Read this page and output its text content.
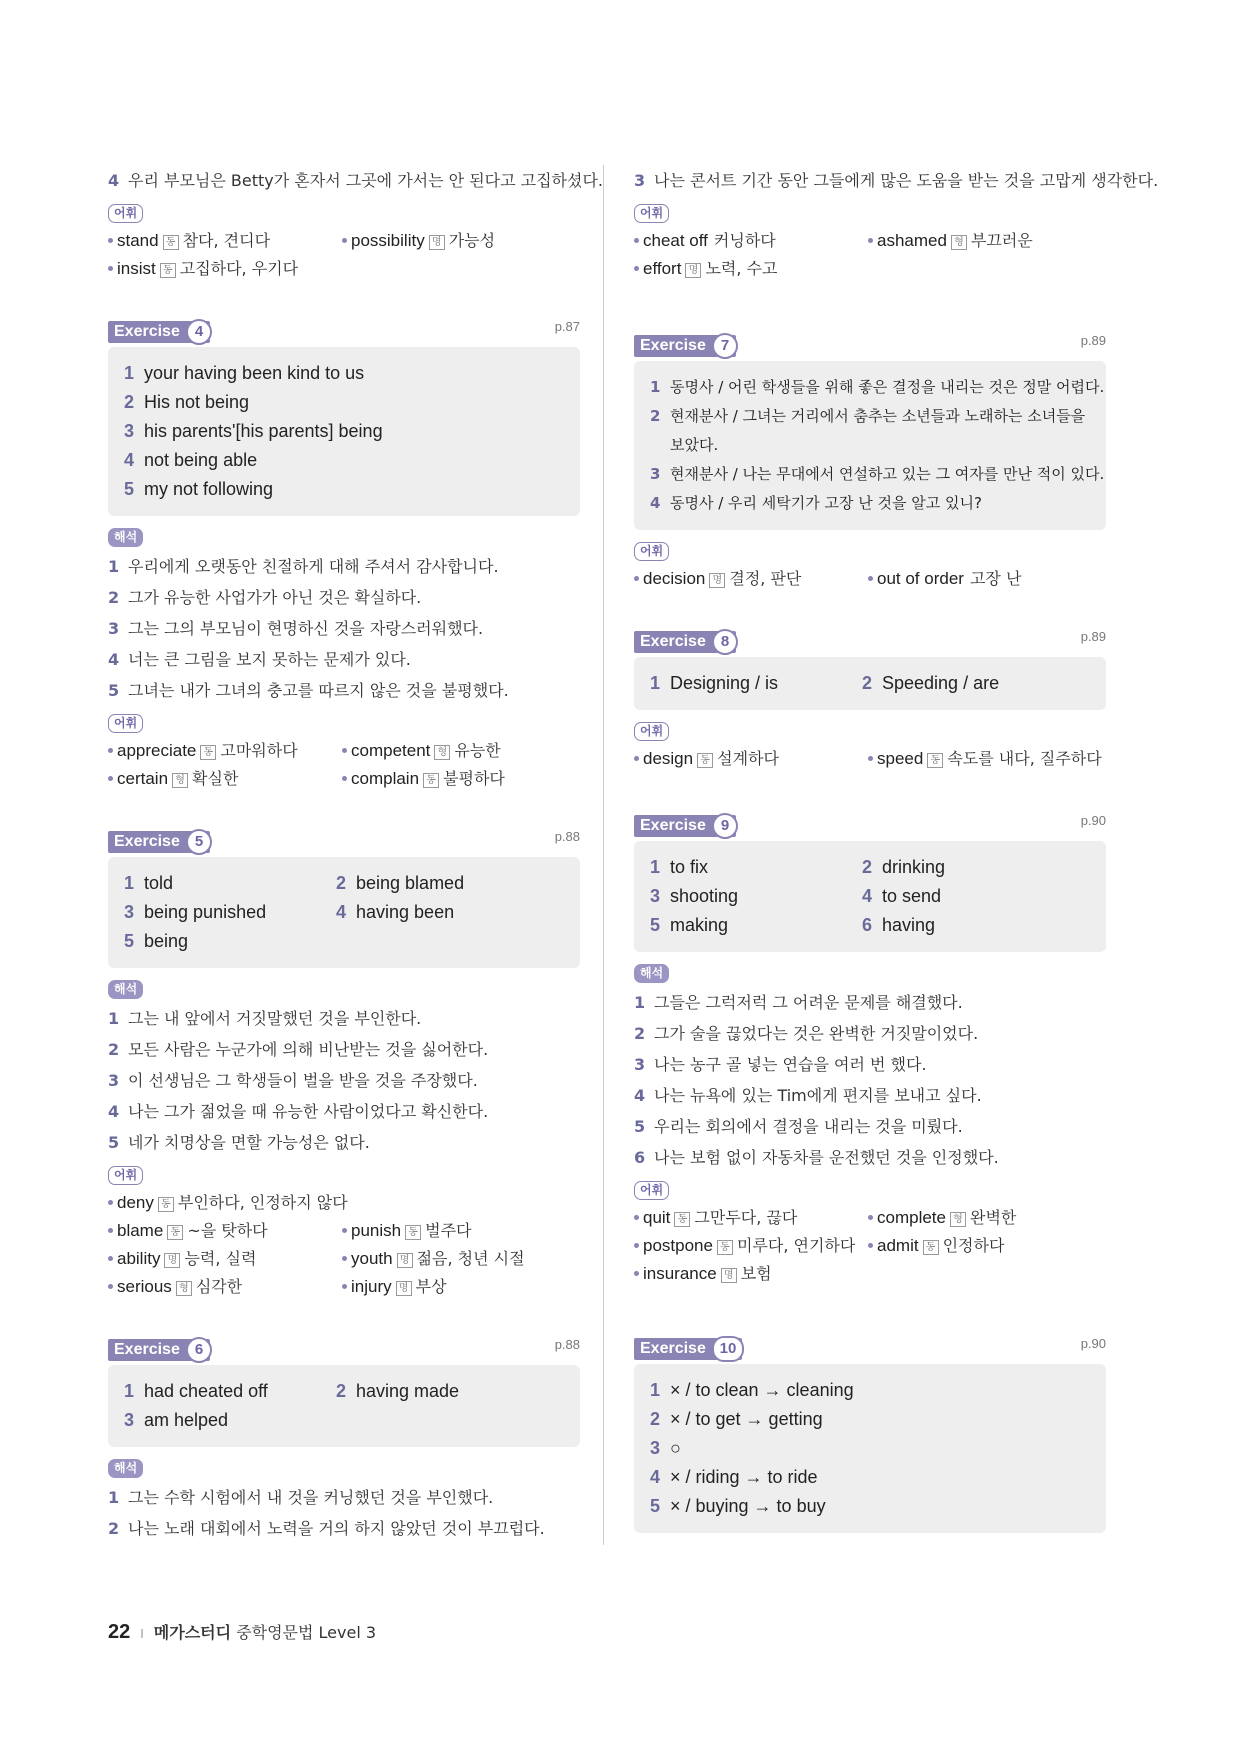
4 우리 부모님은 Betty가 혼자서 그곳에 가서는 안 된다고 고집하셨다.
어휘
stand 동 참다, 견디다	possibility 명 가능성
insist 동 고집하다, 우기다
Exercise 4	p.87
1 your having been kind to us
2 His not being
3 his parents'[his parents] being
4 not being able
5 my not following
해석
1 우리에게 오랫동안 친절하게 대해 주셔서 감사합니다.
2 그가 유능한 사업가가 아닌 것은 확실하다.
3 그는 그의 부모님이 현명하신 것을 자랑스러워했다.
4 너는 큰 그림을 보지 못하는 문제가 있다.
5 그녀는 내가 그녀의 충고를 따르지 않은 것을 불평했다.
어휘
appreciate 동 고마워하다	competent 형 유능한
certain 형 확실한	complain 동 불평하다
Exercise 5	p.88
1 told	2 being blamed
3 being punished	4 having been
5 being
해석
1 그는 내 앞에서 거짓말했던 것을 부인한다.
2 모든 사람은 누군가에 의해 비난받는 것을 싫어한다.
3 이 선생님은 그 학생들이 벌을 받을 것을 주장했다.
4 나는 그가 젊었을 때 유능한 사람이었다고 확신한다.
5 네가 치명상을 면할 가능성은 없다.
어휘
deny 동 부인하다, 인정하지 않다
blame 동 ~을 탓하다	punish 동 벌주다
ability 명 능력, 실력	youth 명 젊음, 청년 시절
serious 형 심각한	injury 명 부상
Exercise 6	p.88
1 had cheated off	2 having made
3 am helped
해석
1 그는 수학 시험에서 내 것을 커닝했던 것을 부인했다.
2 나는 노래 대회에서 노력을 거의 하지 않았던 것이 부끄럽다.
3 나는 콘서트 기간 동안 그들에게 많은 도움을 받는 것을 고맙게 생각한다.
어휘
cheat off 커닝하다	ashamed 형 부끄러운
effort 명 노력, 수고
Exercise 7	p.89
1 동명사 / 어린 학생들을 위해 좋은 결정을 내리는 것은 정말 어렵다.
2 현재분사 / 그녀는 거리에서 춤추는 소년들과 노래하는 소녀들을
보았다.
3 현재분사 / 나는 무대에서 연설하고 있는 그 여자를 만난 적이 있다.
4 동명사 / 우리 세탁기가 고장 난 것을 알고 있니?
어휘
decision 명 결정, 판단	out of order 고장 난
Exercise 8	p.89
1 Designing / is	2 Speeding / are
어휘
design 동 설계하다	speed 동 속도를 내다, 질주하다
Exercise 9	p.90
1 to fix	2 drinking
3 shooting	4 to send
5 making	6 having
해석
1 그들은 그럭저럭 그 어려운 문제를 해결했다.
2 그가 술을 끊었다는 것은 완벽한 거짓말이었다.
3 나는 농구 골 넣는 연습을 여러 번 했다.
4 나는 뉴욕에 있는 Tim에게 편지를 보내고 싶다.
5 우리는 회의에서 결정을 내리는 것을 미뤘다.
6 나는 보험 없이 자동차를 운전했던 것을 인정했다.
어휘
quit 동 그만두다, 끊다	complete 형 완벽한
postpone 동 미루다, 연기하다	admit 동 인정하다
insurance 명 보험
Exercise 10	p.90
1 × / to clean → cleaning
2 × / to get → getting
3 ○
4 × / riding → to ride
5 × / buying → to buy
22 I 메가스터디 중학영문법 Level 3
